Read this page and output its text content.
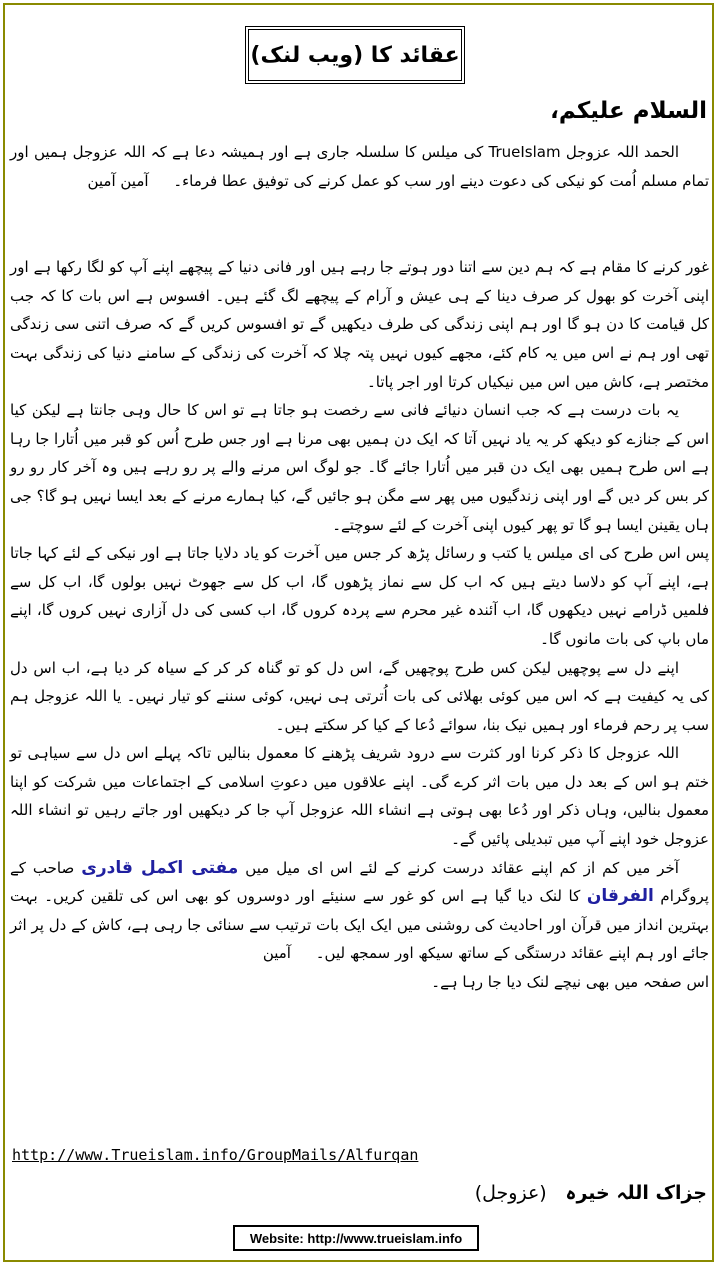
عقائد کا (ویب لنک)
السلام علیکم،

الحمد اللہ عزوجل TrueIslam کی میلس کا سلسلہ جاری ہے اور ہمیشہ دعا ہے کہ اللہ عزوجل ہمیں اور تمام مسلم اُمت کو نیکی کی دعوت دینے اور سب کو عمل کرنے کی توفیق عطا فرماء۔ آمین آمین

غور کرنے کا مقام ہے کہ ہم دین سے اتنا دور ہوتے جا رہے ہیں اور فانی دنیا کے پیچھے اپنے آپ کو لگا رکھا ہے اور اپنی آخرت کو بھول کر صرف دینا کے ہی عیش و آرام کے پیچھے لگ گئے ہیں۔ افسوس ہے اس بات کا کہ جب کل قیامت کا دن ہو گا اور ہم اپنی زندگی کی طرف دیکھیں گے تو افسوس کریں گے کہ صرف اتنی سی زندگی تھی اور ہم نے اس میں یہ کام کئے، مجھے کیوں نہیں پتہ چلا کہ آخرت کی زندگی کے سامنے دنیا کی زندگی بہت مختصر ہے، کاش میں اس میں نیکیاں کرتا اور اجر پاتا۔

یہ بات درست ہے کہ جب انسان دنیائے فانی سے رخصت ہو جاتا ہے تو اس کا حال وہی جانتا ہے لیکن کیا اس کے جنازے کو دیکھ کر یہ یاد نہیں آتا کہ ایک دن ہمیں بھی مرنا ہے اور جس طرح اُس کو قبر میں اُتارا جا رہا ہے اس طرح ہمیں بھی ایک دن قبر میں اُتارا جائے گا۔ جو لوگ اس مرنے والے پر رو رہے ہیں وہ آخر کار رو رو کر بس کر دیں گے اور اپنی زندگیوں میں پھر سے مگن ہو جائیں گے، کیا ہمارے مرنے کے بعد ایسا نہیں ہو گا؟ جی ہاں یقینن ایسا ہو گا تو پھر کیوں اپنی آخرت کے لئے سوچتے۔

پس اس طرح کی ای میلس یا کتب و رسائل پڑھ کر جس میں آخرت کو یاد دلایا جاتا ہے اور نیکی کے لئے کہا جاتا ہے، اپنے آپ کو دلاسا دیتے ہیں کہ اب کل سے نماز پڑھوں گا، اب کل سے جھوٹ نہیں بولوں گا، اب کل سے فلمیں ڈرامے نہیں دیکھوں گا، اب آئندہ غیر محرم سے پردہ کروں گا، اب کسی کی دل آزاری نہیں کروں گا، اپنے ماں باپ کی بات مانوں گا۔

اپنے دل سے پوچھیں لیکن کس طرح پوچھیں گے، اس دل کو تو گناہ کر کر کے سیاہ کر دیا ہے، اب اس دل کی یہ کیفیت ہے کہ اس میں کوئی بھلائی کی بات اُترتی ہی نہیں، کوئی سننے کو تیار نہیں۔ یا اللہ عزوجل ہم سب پر رحم فرماء اور ہمیں نیک بنا، سوائے دُعا کے کیا کر سکتے ہیں۔

اللہ عزوجل کا ذکر کرنا اور کثرت سے درود شریف پڑھنے کا معمول بنالیں تاکہ پہلے اس دل سے سیاہی تو ختم ہو اس کے بعد دل میں بات اثر کرے گی۔ اپنے علاقوں میں دعوتِ اسلامی کے اجتماعات میں شرکت کو اپنا معمول بنالیں، وہاں ذکر اور دُعا بھی ہوتی ہے انشاء اللہ عزوجل آپ جا کر دیکھیں اور جاتے رہیں تو انشاء اللہ عزوجل خود اپنے آپ میں تبدیلی پائیں گے۔

آخر میں کم از کم اپنے عقائد درست کرنے کے لئے اس ای میل میں مفتی اکمل قادری صاحب کے پروگرام الفرقان کا لنک دیا گیا ہے اس کو غور سے سنیئے اور دوسروں کو بھی اس کی تلقین کریں۔ بہت بہترین انداز میں قرآن اور احادیث کی روشنی میں ایک ایک بات ترتیب سے سنائی جا رہی ہے، کاش کے دل پر اثر جائے اور ہم اپنے عقائد درستگی کے ساتھ سیکھ اور سمجھ لیں۔ آمین

اس صفحہ میں بھی نیچے لنک دیا جا رہا ہے۔

http://www.Trueislam.info/GroupMails/Alfurqan
جزاک اللہ خیرہ (عزوجل)
Website: http://www.trueislam.info
